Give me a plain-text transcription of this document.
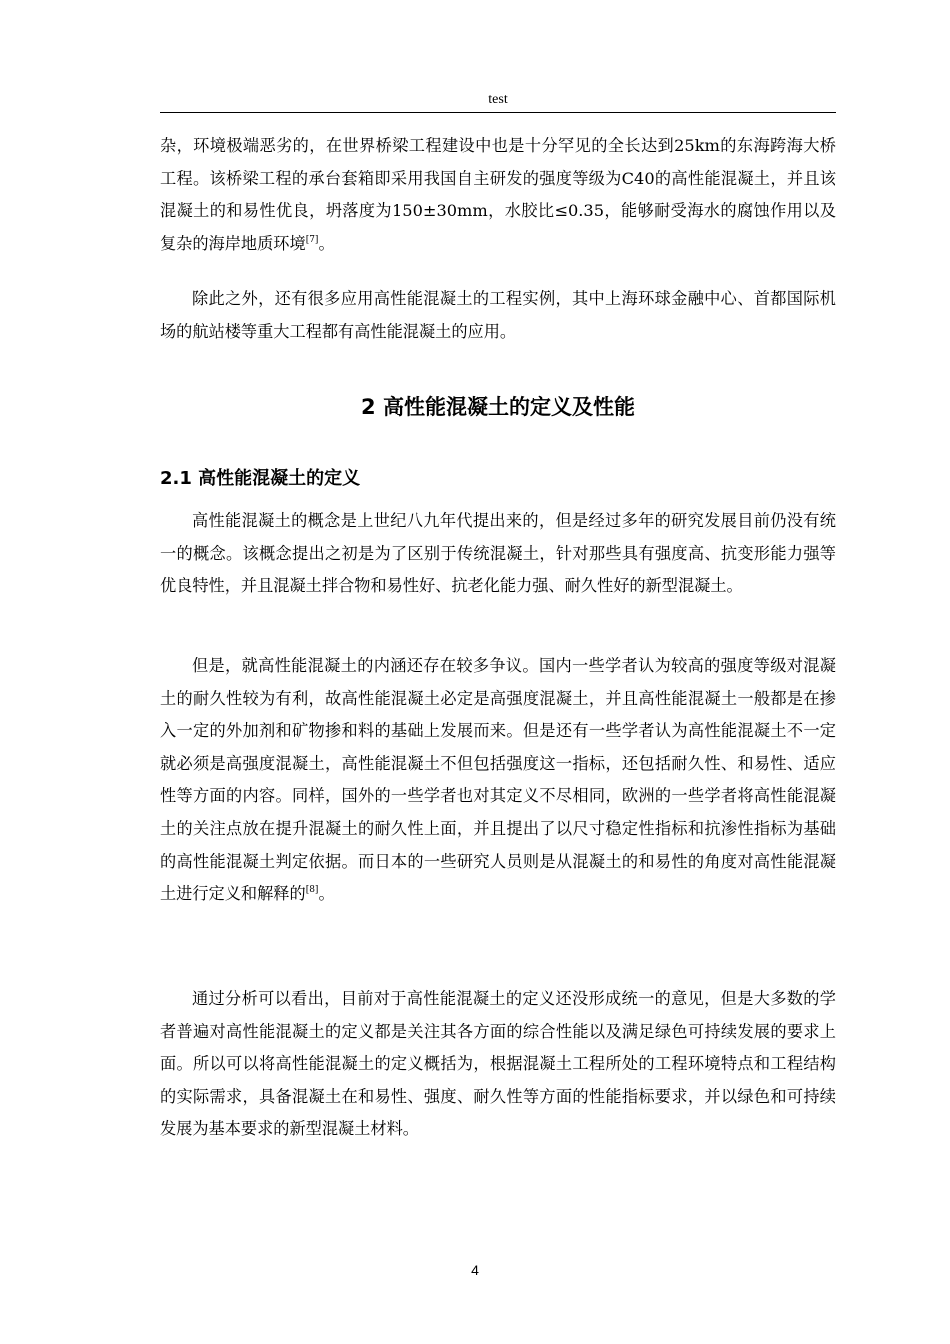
test

杂，环境极端恶劣的，在世界桥梁工程建设中也是十分罕见的全长达到25km的东海跨海大桥工程。该桥梁工程的承台套箱即采用我国自主研发的强度等级为C40的高性能混凝土，并且该混凝土的和易性优良，坍落度为150±30mm，水胶比≤0.35，能够耐受海水的腐蚀作用以及复杂的海岸地质环境[7]。

除此之外，还有很多应用高性能混凝土的工程实例，其中上海环球金融中心、首都国际机场的航站楼等重大工程都有高性能混凝土的应用。

2 高性能混凝土的定义及性能
2.1 高性能混凝土的定义

高性能混凝土的概念是上世纪八九年代提出来的，但是经过多年的研究发展目前仍没有统一的概念。该概念提出之初是为了区别于传统混凝土，针对那些具有强度高、抗变形能力强等优良特性，并且混凝土拌合物和易性好、抗老化能力强、耐久性好的新型混凝土。

但是，就高性能混凝土的内涵还存在较多争议。国内一些学者认为较高的强度等级对混凝土的耐久性较为有利，故高性能混凝土必定是高强度混凝土，并且高性能混凝土一般都是在掺入一定的外加剂和矿物掺和料的基础上发展而来。但是还有一些学者认为高性能混凝土不一定就必须是高强度混凝土，高性能混凝土不但包括强度这一指标，还包括耐久性、和易性、适应性等方面的内容。同样，国外的一些学者也对其定义不尽相同，欧洲的一些学者将高性能混凝土的关注点放在提升混凝土的耐久性上面，并且提出了以尺寸稳定性指标和抗渗性指标为基础的高性能混凝土判定依据。而日本的一些研究人员则是从混凝土的和易性的角度对高性能混凝土进行定义和解释的[8]。

通过分析可以看出，目前对于高性能混凝土的定义还没形成统一的意见，但是大多数的学者普遍对高性能混凝土的定义都是关注其各方面的综合性能以及满足绿色可持续发展的要求上面。所以可以将高性能混凝土的定义概括为，根据混凝土工程所处的工程环境特点和工程结构的实际需求，具备混凝土在和易性、强度、耐久性等方面的性能指标要求，并以绿色和可持续发展为基本要求的新型混凝土材料。

4
